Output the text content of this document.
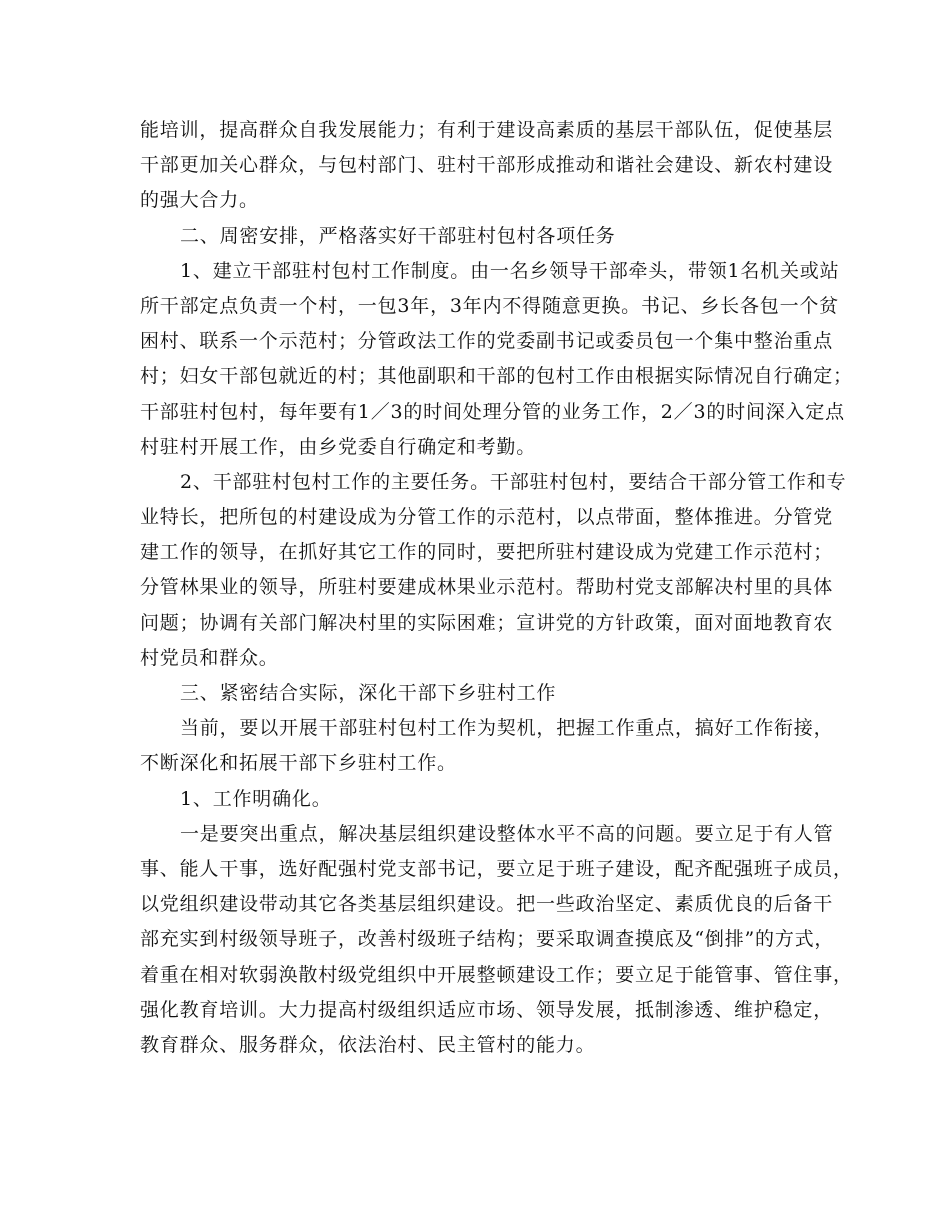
能培训，提高群众自我发展能力；有利于建设高素质的基层干部队伍，促使基层
干部更加关心群众，与包村部门、驻村干部形成推动和谐社会建设、新农村建设
的强大合力。
二、周密安排，严格落实好干部驻村包村各项任务
1、建立干部驻村包村工作制度。由一名乡领导干部牵头，带领1名机关或站
所干部定点负责一个村，一包3年，3年内不得随意更换。书记、乡长各包一个贫
困村、联系一个示范村；分管政法工作的党委副书记或委员包一个集中整治重点
村；妇女干部包就近的村；其他副职和干部的包村工作由根据实际情况自行确定；
干部驻村包村，每年要有1／3的时间处理分管的业务工作，2／3的时间深入定点
村驻村开展工作，由乡党委自行确定和考勤。
2、干部驻村包村工作的主要任务。干部驻村包村，要结合干部分管工作和专
业特长，把所包的村建设成为分管工作的示范村，以点带面，整体推进。分管党
建工作的领导，在抓好其它工作的同时，要把所驻村建设成为党建工作示范村；
分管林果业的领导，所驻村要建成林果业示范村。帮助村党支部解决村里的具体
问题；协调有关部门解决村里的实际困难；宣讲党的方针政策，面对面地教育农
村党员和群众。
三、紧密结合实际，深化干部下乡驻村工作
当前，要以开展干部驻村包村工作为契机，把握工作重点，搞好工作衔接，
不断深化和拓展干部下乡驻村工作。
1、工作明确化。
一是要突出重点，解决基层组织建设整体水平不高的问题。要立足于有人管
事、能人干事，选好配强村党支部书记，要立足于班子建设，配齐配强班子成员，
以党组织建设带动其它各类基层组织建设。把一些政治坚定、素质优良的后备干
部充实到村级领导班子，改善村级班子结构；要采取调查摸底及“倒排”的方式，
着重在相对软弱涣散村级党组织中开展整顿建设工作；要立足于能管事、管住事，
强化教育培训。大力提高村级组织适应市场、领导发展，抵制渗透、维护稳定，
教育群众、服务群众，依法治村、民主管村的能力。
